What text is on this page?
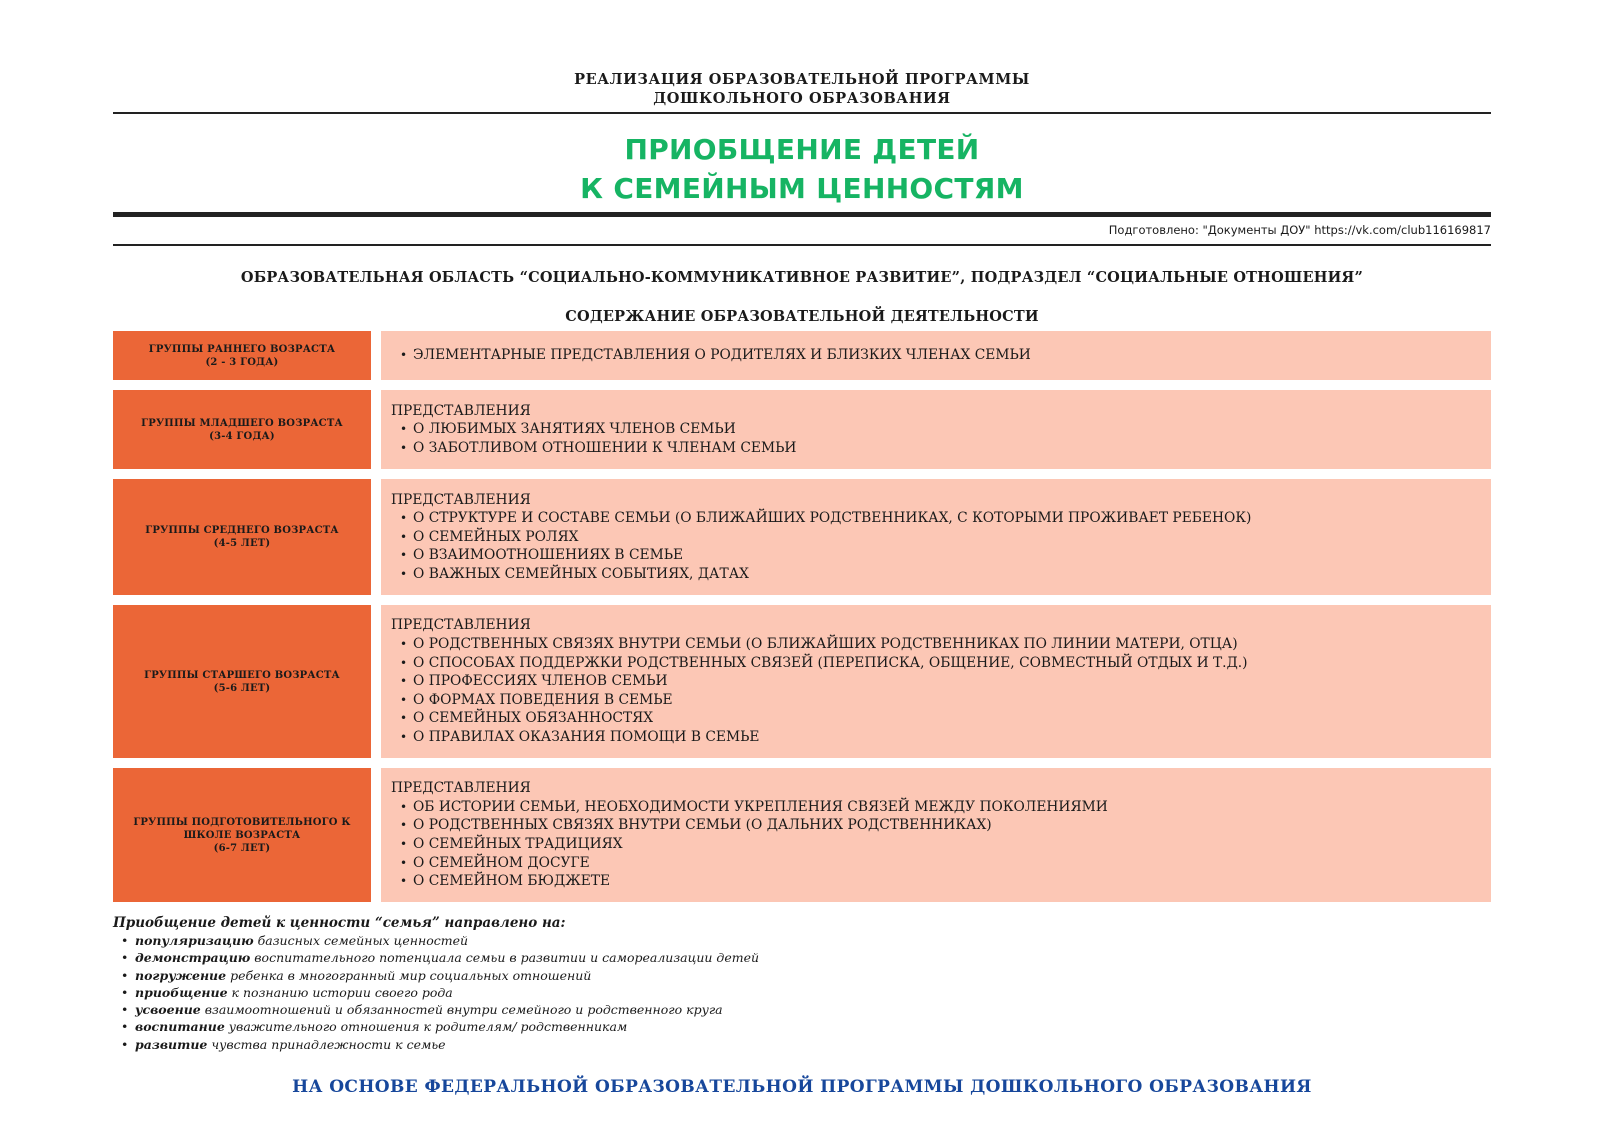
РЕАЛИЗАЦИЯ ОБРАЗОВАТЕЛЬНОЙ ПРОГРАММЫ
ДОШКОЛЬНОГО ОБРАЗОВАНИЯ
ПРИОБЩЕНИЕ ДЕТЕЙ
К СЕМЕЙНЫМ ЦЕННОСТЯМ
Подготовлено: "Документы ДОУ" https://vk.com/club116169817
ОБРАЗОВАТЕЛЬНАЯ ОБЛАСТЬ “СОЦИАЛЬНО-КОММУНИКАТИВНОЕ РАЗВИТИЕ”, ПОДРАЗДЕЛ “СОЦИАЛЬНЫЕ ОТНОШЕНИЯ”
СОДЕРЖАНИЕ ОБРАЗОВАТЕЛЬНОЙ ДЕЯТЕЛЬНОСТИ
ГРУППЫ РАННЕГО ВОЗРАСТА
(2 - 3 ГОДА)
•	ЭЛЕМЕНТАРНЫЕ ПРЕДСТАВЛЕНИЯ О РОДИТЕЛЯХ И БЛИЗКИХ ЧЛЕНАХ СЕМЬИ
ГРУППЫ МЛАДШЕГО ВОЗРАСТА
(3-4 ГОДА)
ПРЕДСТАВЛЕНИЯ
• О ЛЮБИМЫХ ЗАНЯТИЯХ ЧЛЕНОВ СЕМЬИ
• О ЗАБОТЛИВОМ ОТНОШЕНИИ К ЧЛЕНАМ СЕМЬИ
ГРУППЫ СРЕДНЕГО ВОЗРАСТА
(4-5 ЛЕТ)
ПРЕДСТАВЛЕНИЯ
• О СТРУКТУРЕ И СОСТАВЕ СЕМЬИ (О БЛИЖАЙШИХ РОДСТВЕННИКАХ, С КОТОРЫМИ ПРОЖИВАЕТ РЕБЕНОК)
• О СЕМЕЙНЫХ РОЛЯХ
• О ВЗАИМООТНОШЕНИЯХ В СЕМЬЕ
• О ВАЖНЫХ СЕМЕЙНЫХ СОБЫТИЯХ, ДАТАХ
ГРУППЫ СТАРШЕГО ВОЗРАСТА
(5-6 ЛЕТ)
ПРЕДСТАВЛЕНИЯ
• О РОДСТВЕННЫХ СВЯЗЯХ ВНУТРИ СЕМЬИ (О БЛИЖАЙШИХ РОДСТВЕННИКАХ ПО ЛИНИИ МАТЕРИ, ОТЦА)
• О СПОСОБАХ ПОДДЕРЖКИ РОДСТВЕННЫХ СВЯЗЕЙ (ПЕРЕПИСКА, ОБЩЕНИЕ, СОВМЕСТНЫЙ ОТДЫХ И Т.Д.)
• О ПРОФЕССИЯХ ЧЛЕНОВ СЕМЬИ
• О ФОРМАХ ПОВЕДЕНИЯ В СЕМЬЕ
• О СЕМЕЙНЫХ ОБЯЗАННОСТЯХ
• О ПРАВИЛАХ ОКАЗАНИЯ ПОМОЩИ В СЕМЬЕ
ГРУППЫ ПОДГОТОВИТЕЛЬНОГО К ШКОЛЕ ВОЗРАСТА
(6-7 ЛЕТ)
ПРЕДСТАВЛЕНИЯ
• ОБ ИСТОРИИ СЕМЬИ, НЕОБХОДИМОСТИ УКРЕПЛЕНИЯ СВЯЗЕЙ МЕЖДУ ПОКОЛЕНИЯМИ
• О РОДСТВЕННЫХ СВЯЗЯХ ВНУТРИ СЕМЬИ (О ДАЛЬНИХ РОДСТВЕННИКАХ)
• О СЕМЕЙНЫХ ТРАДИЦИЯХ
• О СЕМЕЙНОМ ДОСУГЕ
• О СЕМЕЙНОМ БЮДЖЕТЕ
Приобщение детей к ценности “семья” направлено на:
• популяризацию базисных семейных ценностей
• демонстрацию воспитательного потенциала семьи в развитии и самореализации детей
• погружение ребенка в многогранный мир социальных отношений
• приобщение к познанию истории своего рода
• усвоение взаимоотношений и обязанностей внутри семейного и родственного круга
• воспитание уважительного отношения к родителям/ родственникам
• развитие чувства принадлежности к семье
НА ОСНОВЕ ФЕДЕРАЛЬНОЙ ОБРАЗОВАТЕЛЬНОЙ ПРОГРАММЫ ДОШКОЛЬНОГО ОБРАЗОВАНИЯ
